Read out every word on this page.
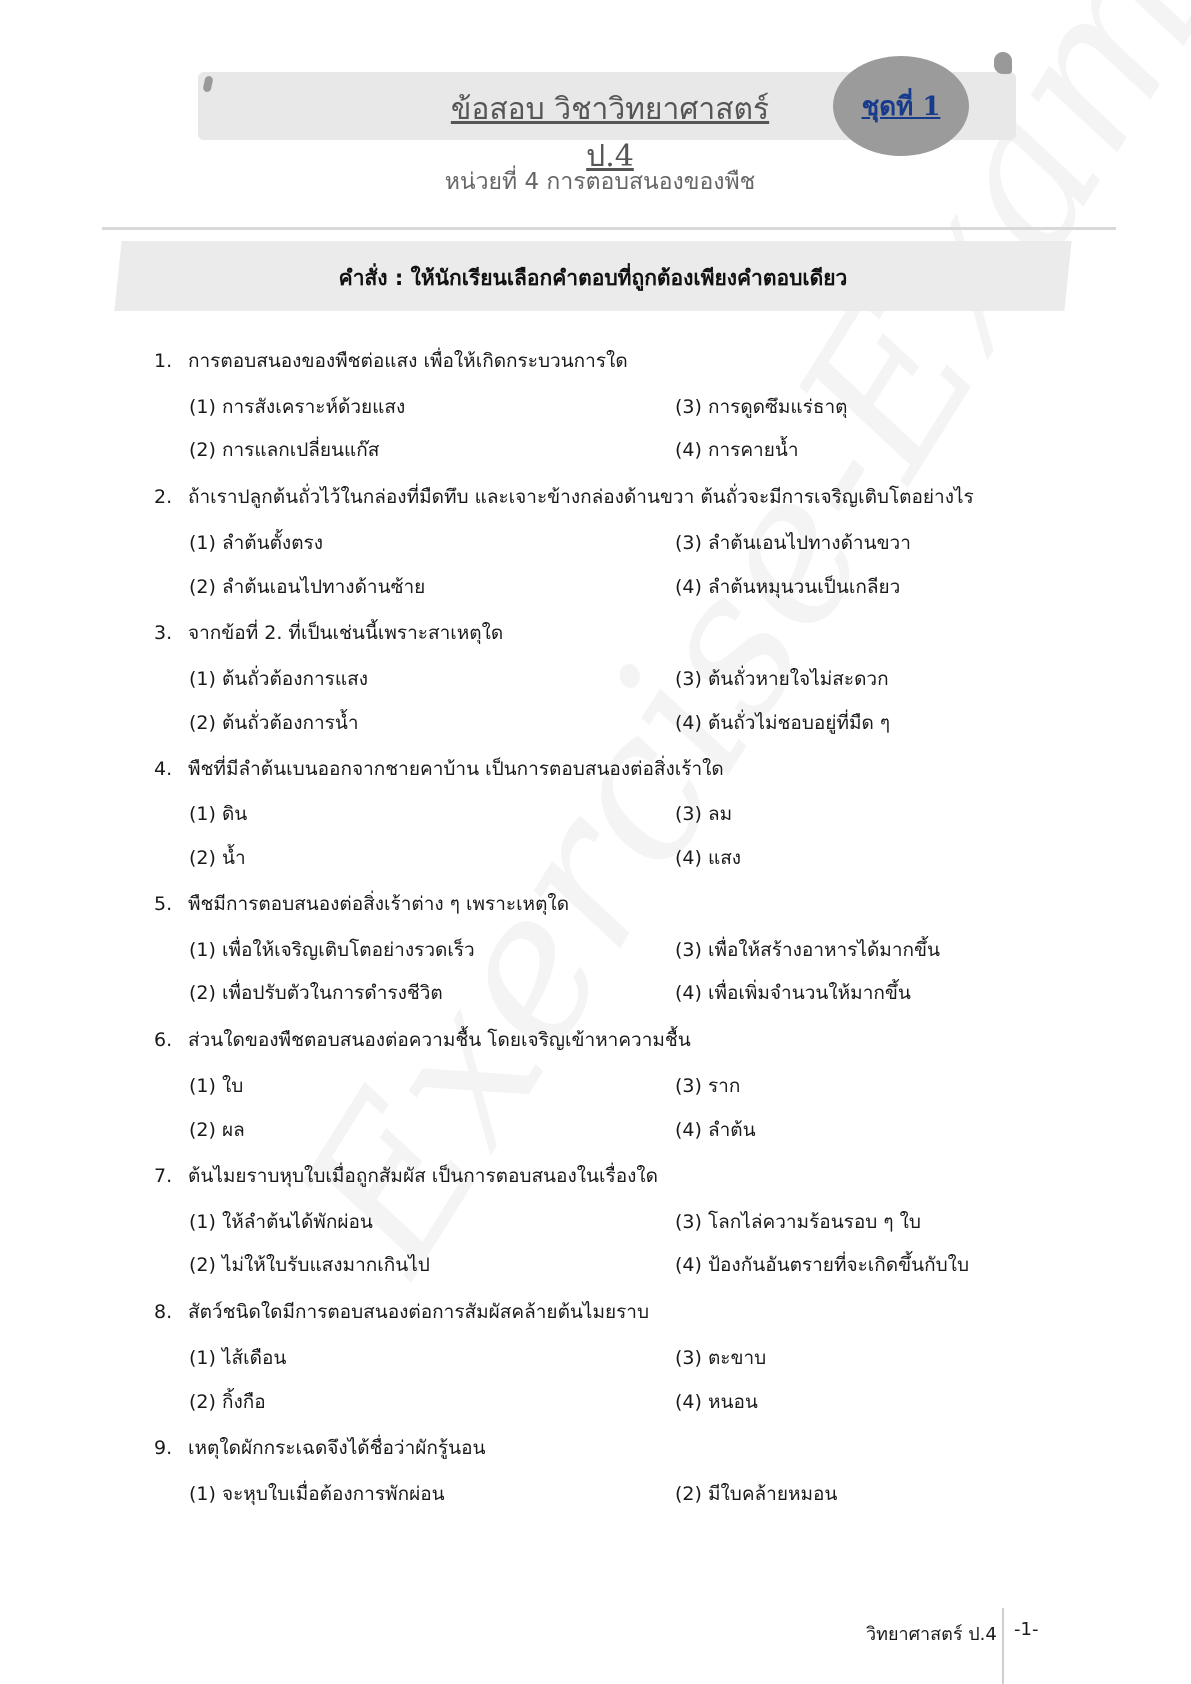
ข้อสอบ วิชาวิทยาศาสตร์ ป.4
ชุดที่ 1
หน่วยที่ 4 การตอบสนองของพืช
คำสั่ง : ให้นักเรียนเลือกคำตอบที่ถูกต้องเพียงคำตอบเดียว
1. การตอบสนองของพืชต่อแสง เพื่อให้เกิดกระบวนการใด
(1) การสังเคราะห์ด้วยแสง	(3) การดูดซึมแร่ธาตุ
(2) การแลกเปลี่ยนแก๊ส	(4) การคายน้ำ
2. ถ้าเราปลูกต้นถั่วไว้ในกล่องที่มืดทึบ และเจาะข้างกล่องด้านขวา ต้นถั่วจะมีการเจริญเติบโตอย่างไร
(1) ลำต้นตั้งตรง	(3) ลำต้นเอนไปทางด้านขวา
(2) ลำต้นเอนไปทางด้านซ้าย	(4) ลำต้นหมุนวนเป็นเกลียว
3. จากข้อที่ 2. ที่เป็นเช่นนี้เพราะสาเหตุใด
(1) ต้นถั่วต้องการแสง	(3) ต้นถั่วหายใจไม่สะดวก
(2) ต้นถั่วต้องการน้ำ	(4) ต้นถั่วไม่ชอบอยู่ที่มืด ๆ
4. พืชที่มีลำต้นเบนออกจากชายคาบ้าน เป็นการตอบสนองต่อสิ่งเร้าใด
(1) ดิน	(3) ลม
(2) น้ำ	(4) แสง
5. พืชมีการตอบสนองต่อสิ่งเร้าต่าง ๆ เพราะเหตุใด
(1) เพื่อให้เจริญเติบโตอย่างรวดเร็ว	(3) เพื่อให้สร้างอาหารได้มากขึ้น
(2) เพื่อปรับตัวในการดำรงชีวิต	(4) เพื่อเพิ่มจำนวนให้มากขึ้น
6. ส่วนใดของพืชตอบสนองต่อความชื้น โดยเจริญเข้าหาความชื้น
(1) ใบ	(3) ราก
(2) ผล	(4) ลำต้น
7. ต้นไมยราบหุบใบเมื่อถูกสัมผัส เป็นการตอบสนองในเรื่องใด
(1) ให้ลำต้นได้พักผ่อน	(3) โลกไล่ความร้อนรอบ ๆ ใบ
(2) ไม่ให้ใบรับแสงมากเกินไป	(4) ป้องกันอันตรายที่จะเกิดขึ้นกับใบ
8. สัตว์ชนิดใดมีการตอบสนองต่อการสัมผัสคล้ายต้นไมยราบ
(1) ไส้เดือน	(3) ตะขาบ
(2) กิ้งกือ	(4) หนอน
9. เหตุใดผักกระเฉดจึงได้ชื่อว่าผักรู้นอน
(1) จะหุบใบเมื่อต้องการพักผ่อน	(2) มีใบคล้ายหมอน
วิทยาศาสตร์ ป.4 -1-
